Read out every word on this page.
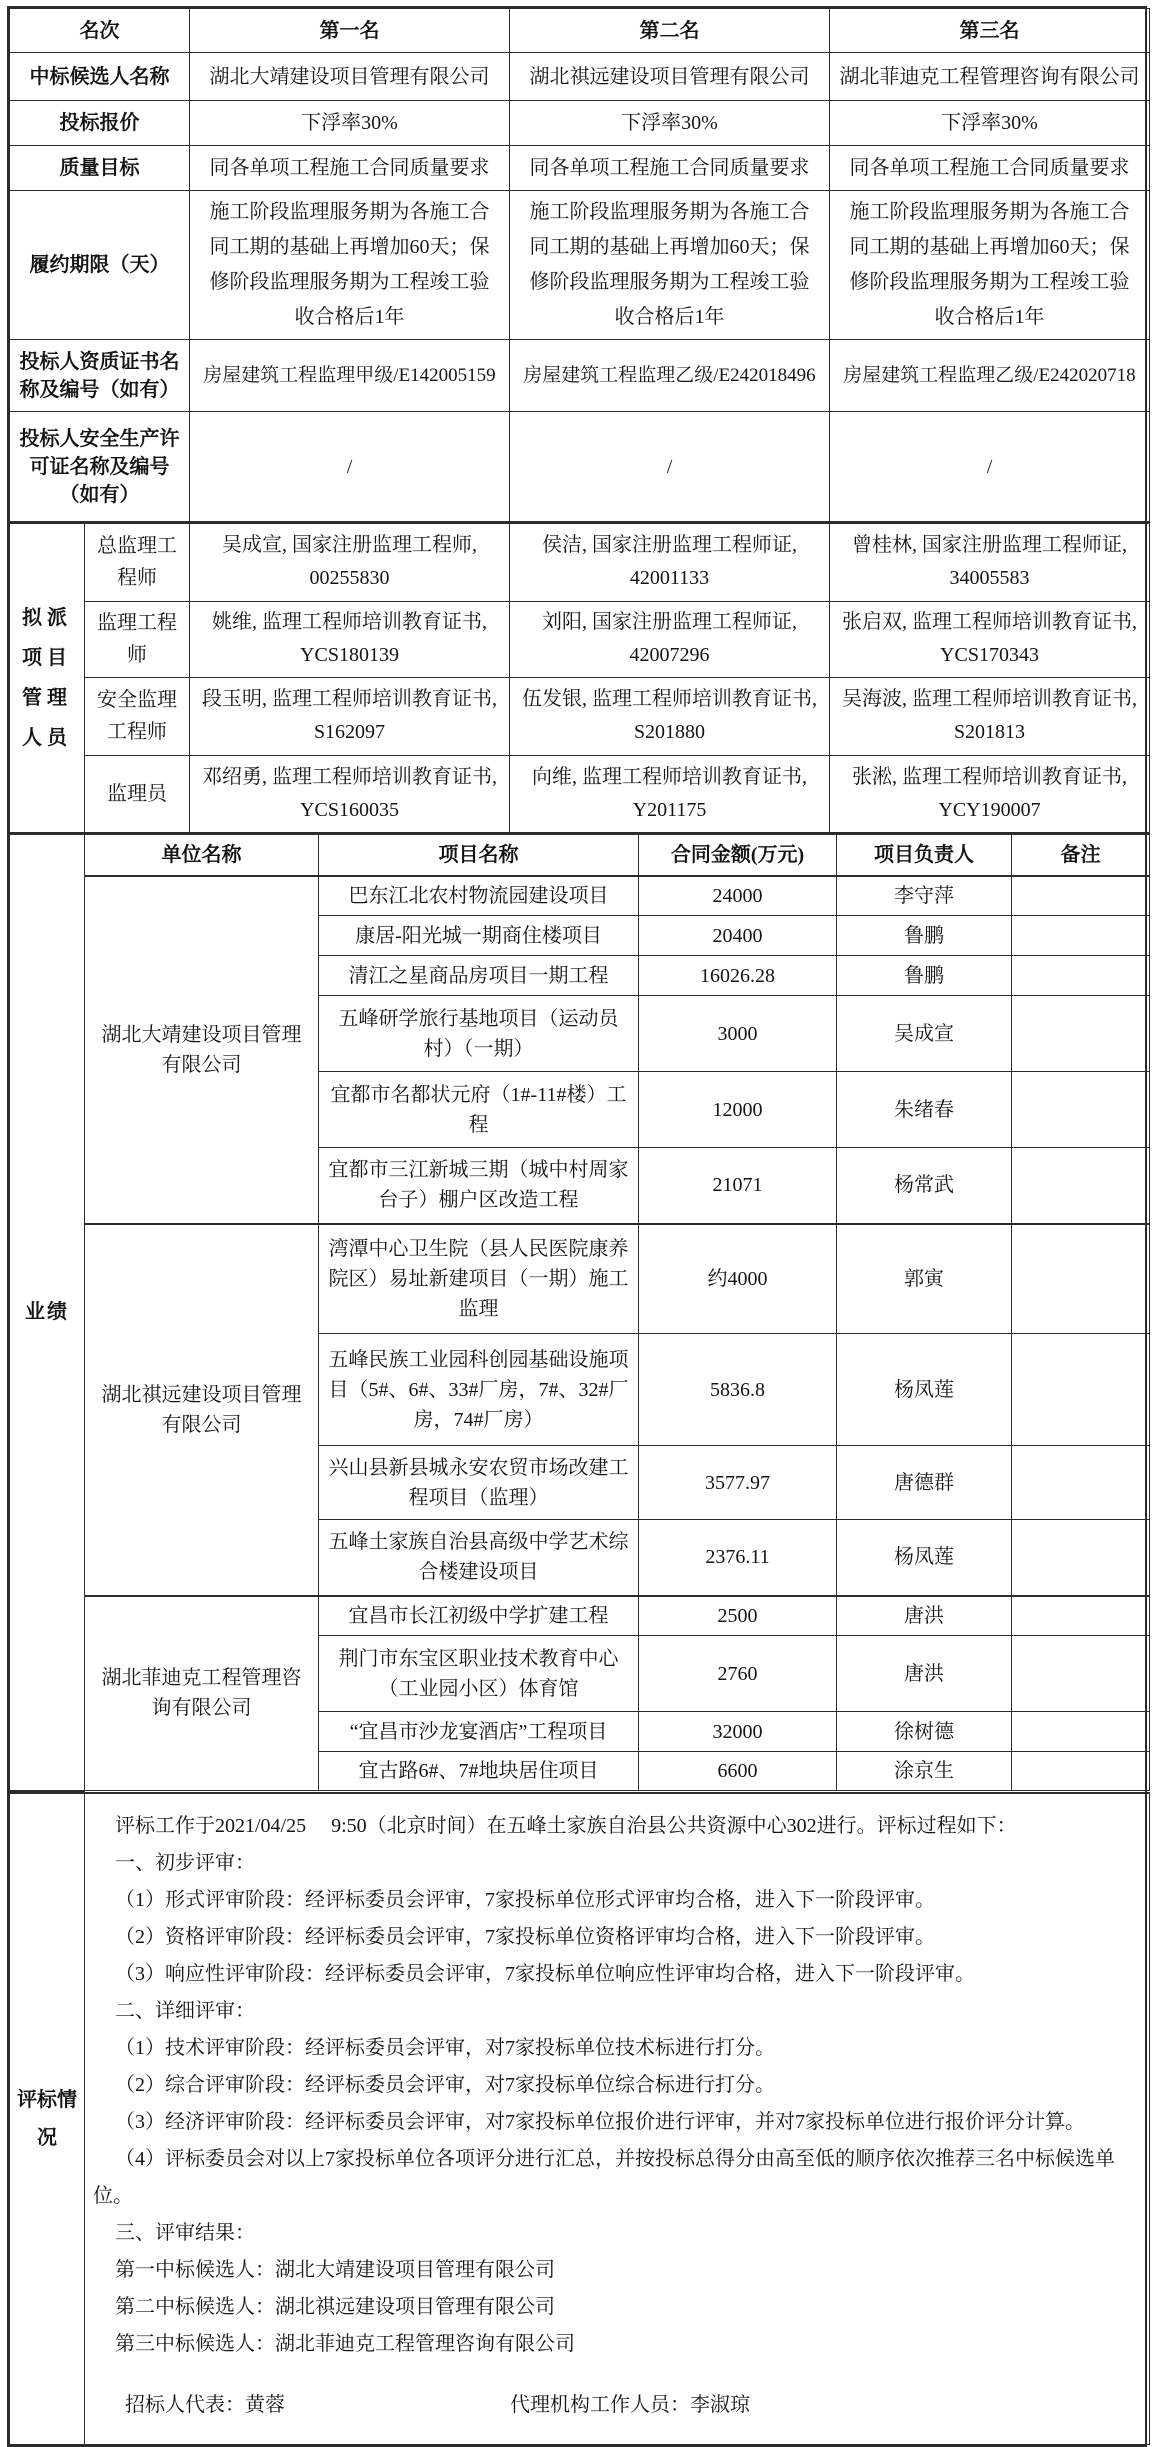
名次	第一名	第二名	第三名
中标候选人名称	湖北大靖建设项目管理有限公司	湖北祺远建设项目管理有限公司	湖北菲迪克工程管理咨询有限公司
投标报价	下浮率30%	下浮率30%	下浮率30%
质量目标	同各单项工程施工合同质量要求	同各单项工程施工合同质量要求	同各单项工程施工合同质量要求
履约期限（天）	施工阶段监理服务期为各施工合同工期的基础上再增加60天；保修阶段监理服务期为工程竣工验收合格后1年	施工阶段监理服务期为各施工合同工期的基础上再增加60天；保修阶段监理服务期为工程竣工验收合格后1年	施工阶段监理服务期为各施工合同工期的基础上再增加60天；保修阶段监理服务期为工程竣工验收合格后1年
投标人资质证书名称及编号（如有）	房屋建筑工程监理甲级/E142005159	房屋建筑工程监理乙级/E242018496	房屋建筑工程监理乙级/E242020718
投标人安全生产许可证名称及编号（如有）	/	/	/
拟派项目管理人员	总监理工程师	吴成宣, 国家注册监理工程师, 00255830	侯洁, 国家注册监理工程师证, 42001133	曾桂林, 国家注册监理工程师证, 34005583
	监理工程师	姚维, 监理工程师培训教育证书, YCS180139	刘阳, 国家注册监理工程师证, 42007296	张启双, 监理工程师培训教育证书, YCS170343
	安全监理工程师	段玉明, 监理工程师培训教育证书, S162097	伍发银, 监理工程师培训教育证书, S201880	吴海波, 监理工程师培训教育证书, S201813
	监理员	邓绍勇, 监理工程师培训教育证书, YCS160035	向维, 监理工程师培训教育证书, Y201175	张淞, 监理工程师培训教育证书, YCY190007
业绩	单位名称	项目名称	合同金额(万元)	项目负责人	备注
	湖北大靖建设项目管理有限公司	巴东江北农村物流园建设项目	24000	李守萍	
		康居-阳光城一期商住楼项目	20400	鲁鹏	
		清江之星商品房项目一期工程	16026.28	鲁鹏	
		五峰研学旅行基地项目（运动员村）（一期）	3000	吴成宣	
		宜都市名都状元府（1#-11#楼）工程	12000	朱绪春	
		宜都市三江新城三期（城中村周家台子）棚户区改造工程	21071	杨常武	
	湖北祺远建设项目管理有限公司	湾潭中心卫生院（县人民医院康养院区）易址新建项目（一期）施工监理	约4000	郭寅	
		五峰民族工业园科创园基础设施项目（5#、6#、33#厂房，7#、32#厂房，74#厂房）	5836.8	杨凤莲	
		兴山县新县城永安农贸市场改建工程项目（监理）	3577.97	唐德群	
		五峰土家族自治县高级中学艺术综合楼建设项目	2376.11	杨凤莲	
	湖北菲迪克工程管理咨询有限公司	宜昌市长江初级中学扩建工程	2500	唐洪	
		荆门市东宝区职业技术教育中心（工业园小区）体育馆	2760	唐洪	
		“宜昌市沙龙宴酒店”工程项目	32000	徐树德	
		宜古路6#、7#地块居住项目	6600	涂京生	
评标情况

评标工作于2021/04/25　 9:50（北京时间）在五峰土家族自治县公共资源中心302进行。评标过程如下：
一、初步评审：
（1）形式评审阶段：经评标委员会评审，7家投标单位形式评审均合格，进入下一阶段评审。
（2）资格评审阶段：经评标委员会评审，7家投标单位资格评审均合格，进入下一阶段评审。
（3）响应性评审阶段：经评标委员会评审，7家投标单位响应性评审均合格，进入下一阶段评审。
二、详细评审：
（1）技术评审阶段：经评标委员会评审，对7家投标单位技术标进行打分。
（2）综合评审阶段：经评标委员会评审，对7家投标单位综合标进行打分。
（3）经济评审阶段：经评标委员会评审，对7家投标单位报价进行评审，并对7家投标单位进行报价评分计算。
（4）评标委员会对以上7家投标单位各项评分进行汇总，并按投标总得分由高至低的顺序依次推荐三名中标候选单位。
三、评审结果：
第一中标候选人：湖北大靖建设项目管理有限公司
第二中标候选人：湖北祺远建设项目管理有限公司
第三中标候选人：湖北菲迪克工程管理咨询有限公司
招标人代表：黄蓉	代理机构工作人员：李淑琼
